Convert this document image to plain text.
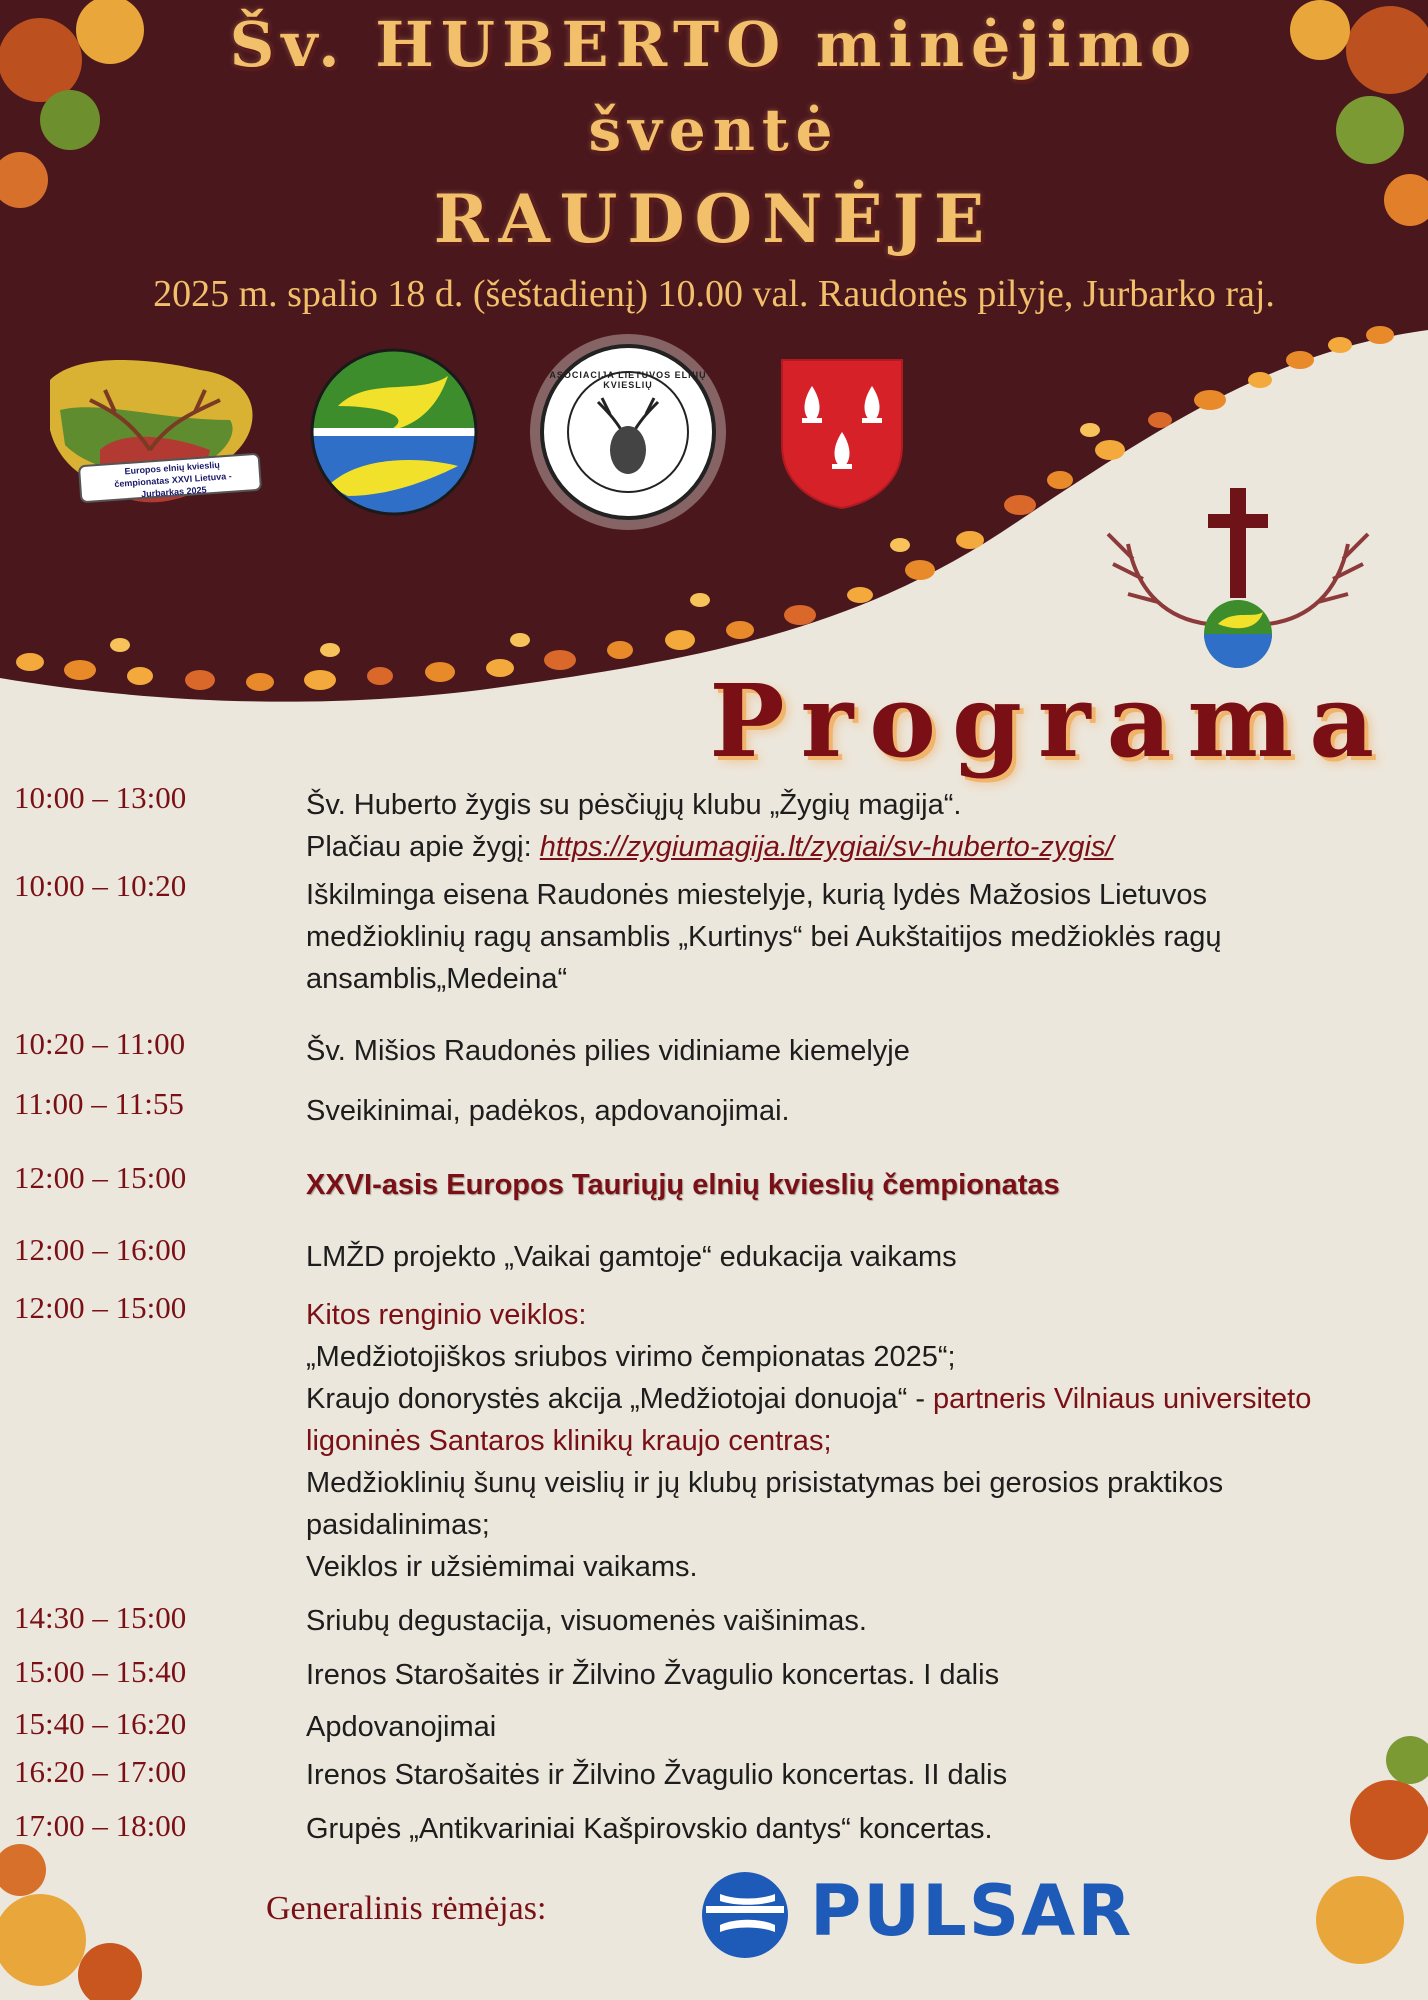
Šv. HUBERTO minėjimo
šventė
RAUDONĖJE
2025 m. spalio 18 d. (šeštadienį) 10.00 val. Raudonės pilyje, Jurbarko raj.
Europos elnių kvieslių čempionatas XXVI Lietuva - Jurbarkas 2025
ASOCIACIJA LIETUVOS ELNIŲ KVIESLIŲ
Programa
10:00 – 13:00	Šv. Huberto žygis su pėsčiųjų klubu „Žygių magija“.
Plačiau apie žygį: https://zygiumagija.lt/zygiai/sv-huberto-zygis/
10:00 – 10:20	Iškilminga eisena Raudonės miestelyje, kurią lydės Mažosios Lietuvos
medžioklinių ragų ansamblis „Kurtinys“ bei Aukštaitijos medžioklės ragų
ansamblis„Medeina“
10:20 – 11:00	Šv. Mišios Raudonės pilies vidiniame kiemelyje
11:00 – 11:55	Sveikinimai, padėkos, apdovanojimai.
12:00 – 15:00	XXVI-asis Europos Tauriųjų elnių kvieslių čempionatas
12:00 – 16:00	LMŽD projekto „Vaikai gamtoje“ edukacija vaikams
12:00 – 15:00	Kitos renginio veiklos:
„Medžiotojiškos sriubos virimo čempionatas 2025“;
Kraujo donorystės akcija „Medžiotojai donuoja“ - partneris Vilniaus universiteto
ligoninės Santaros klinikų kraujo centras;
Medžioklinių šunų veislių ir jų klubų prisistatymas bei gerosios praktikos
pasidalinimas;
Veiklos ir užsiėmimai vaikams.
14:30 – 15:00	Sriubų degustacija, visuomenės vaišinimas.
15:00 – 15:40	Irenos Starošaitės ir Žilvino Žvagulio koncertas. I dalis
15:40 – 16:20	Apdovanojimai
16:20 – 17:00	Irenos Starošaitės ir Žilvino Žvagulio koncertas. II dalis
17:00 – 18:00	Grupės „Antikvariniai Kašpirovskio dantys“ koncertas.
Generalinis rėmėjas:	PULSAR
